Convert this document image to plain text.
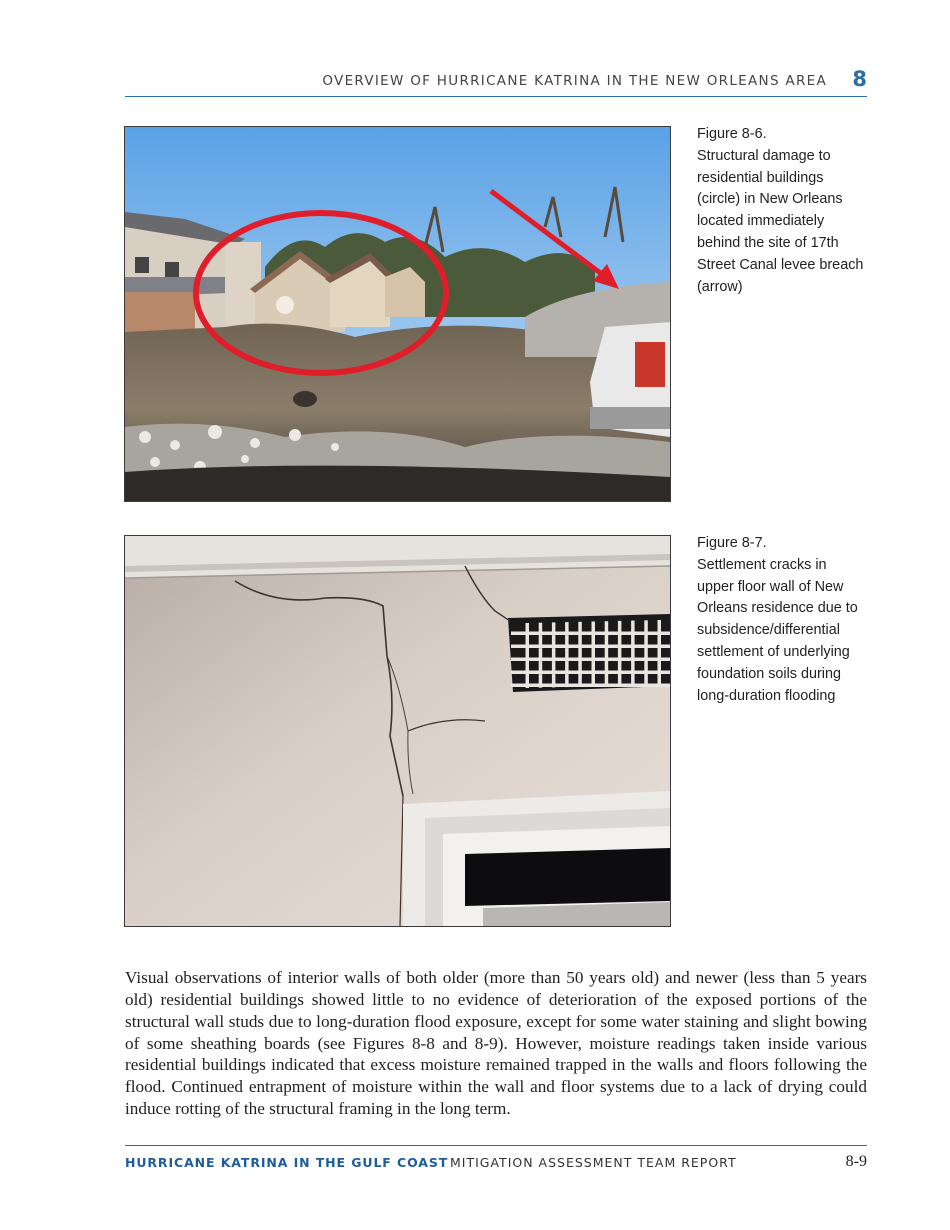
OVERVIEW OF HURRICANE KATRINA IN THE NEW ORLEANS AREA 8
Figure 8-6.
Structural damage to
residential buildings
(circle) in New Orleans
located immediately
behind the site of 17th
Street Canal levee breach
(arrow)
Figure 8-7.
Settlement cracks in
upper floor wall of New
Orleans residence due to
subsidence/differential
settlement of underlying
foundation soils during
long-duration flooding

Visual observations of interior walls of both older (more than 50 years old) and newer (less than 5 years old) residential buildings showed little to no evidence of deterioration of the exposed portions of the structural wall studs due to long-duration flood exposure, except for some water staining and slight bowing of some sheathing boards (see Figures 8-8 and 8-9). However, moisture readings taken inside various residential buildings indicated that excess moisture remained trapped in the walls and floors following the flood. Continued entrapment of moisture within the wall and floor systems due to a lack of drying could induce rotting of the structural framing in the long term.

HURRICANE KATRINA IN THE GULF COAST MITIGATION ASSESSMENT TEAM REPORT	8-9
